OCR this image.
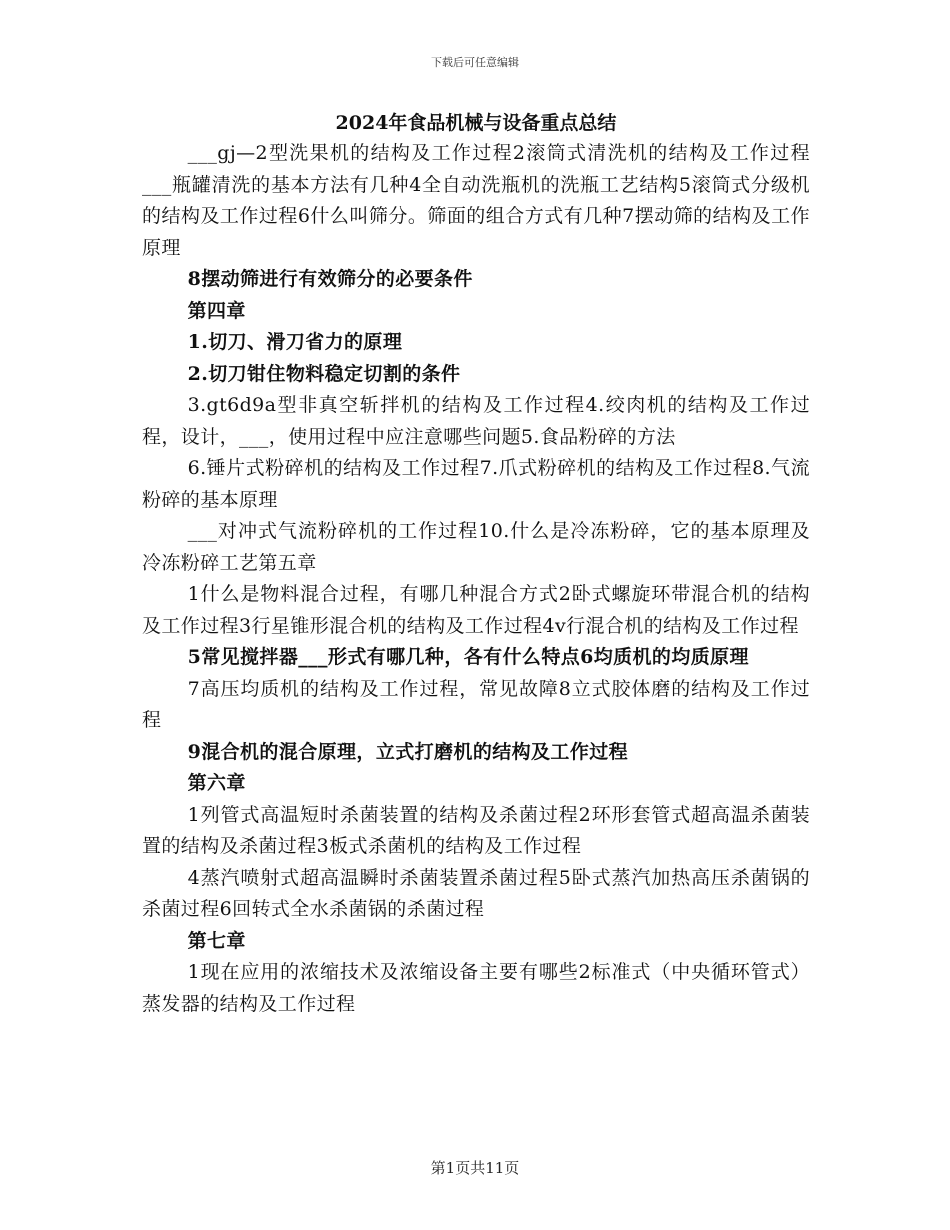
下载后可任意编辑
2024年食品机械与设备重点总结

___gj—2型洗果机的结构及工作过程2滚筒式清洗机的结构及工作过程___瓶罐清洗的基本方法有几种4全自动洗瓶机的洗瓶工艺结构5滚筒式分级机的结构及工作过程6什么叫筛分。筛面的组合方式有几种7摆动筛的结构及工作原理

8摆动筛进行有效筛分的必要条件

第四章

1.切刀、滑刀省力的原理

2.切刀钳住物料稳定切割的条件

3.gt6d9a型非真空斩拌机的结构及工作过程4.绞肉机的结构及工作过程，设计，___，使用过程中应注意哪些问题5.食品粉碎的方法

6.锤片式粉碎机的结构及工作过程7.爪式粉碎机的结构及工作过程8.气流粉碎的基本原理

___对冲式气流粉碎机的工作过程10.什么是冷冻粉碎，它的基本原理及冷冻粉碎工艺第五章

1什么是物料混合过程，有哪几种混合方式2卧式螺旋环带混合机的结构及工作过程3行星锥形混合机的结构及工作过程4v行混合机的结构及工作过程

5常见搅拌器___形式有哪几种，各有什么特点6均质机的均质原理

7高压均质机的结构及工作过程，常见故障8立式胶体磨的结构及工作过程

9混合机的混合原理，立式打磨机的结构及工作过程

第六章

1列管式高温短时杀菌装置的结构及杀菌过程2环形套管式超高温杀菌装置的结构及杀菌过程3板式杀菌机的结构及工作过程

4蒸汽喷射式超高温瞬时杀菌装置杀菌过程5卧式蒸汽加热高压杀菌锅的杀菌过程6回转式全水杀菌锅的杀菌过程

第七章

1现在应用的浓缩技术及浓缩设备主要有哪些2标准式（中央循环管式）蒸发器的结构及工作过程

第1页共11页
